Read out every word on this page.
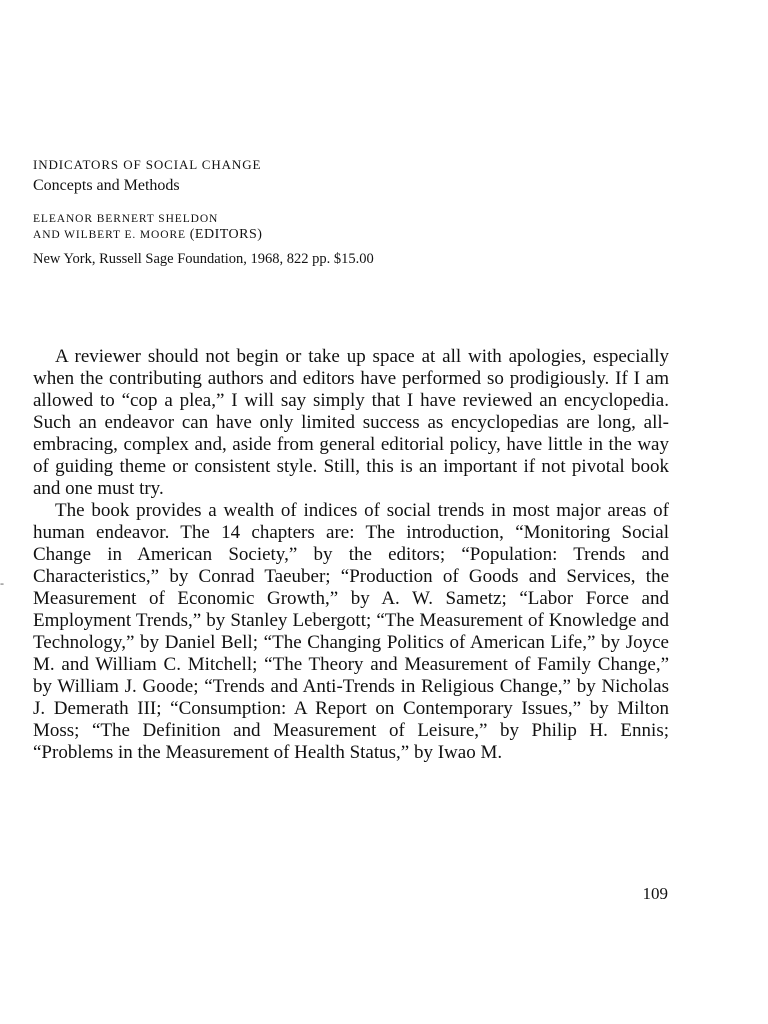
INDICATORS OF SOCIAL CHANGE
Concepts and Methods
ELEANOR BERNERT SHELDON
AND WILBERT E. MOORE (EDITORS)
New York, Russell Sage Foundation, 1968, 822 pp. $15.00
-

A reviewer should not begin or take up space at all with apologies, especially when the contributing authors and editors have performed so prodigiously. If I am allowed to “cop a plea,” I will say simply that I have reviewed an encyclopedia. Such an endeavor can have only limited success as encyclopedias are long, all-embracing, complex and, aside from general editorial policy, have little in the way of guiding theme or consistent style. Still, this is an important if not pivotal book and one must try.

The book provides a wealth of indices of social trends in most major areas of human endeavor. The 14 chapters are: The introduction, “Monitoring Social Change in American Society,” by the editors; “Population: Trends and Characteristics,” by Conrad Taeuber; “Production of Goods and Services, the Measurement of Economic Growth,” by A. W. Sametz; “Labor Force and Employment Trends,” by Stanley Lebergott; “The Measurement of Knowledge and Technology,” by Daniel Bell; “The Changing Politics of American Life,” by Joyce M. and William C. Mitchell; “The Theory and Measurement of Family Change,” by William J. Goode; “Trends and Anti-Trends in Religious Change,” by Nicholas J. Demerath III; “Consumption: A Report on Contemporary Issues,” by Milton Moss; “The Definition and Measurement of Leisure,” by Philip H. Ennis; “Problems in the Measurement of Health Status,” by Iwao M.

109
